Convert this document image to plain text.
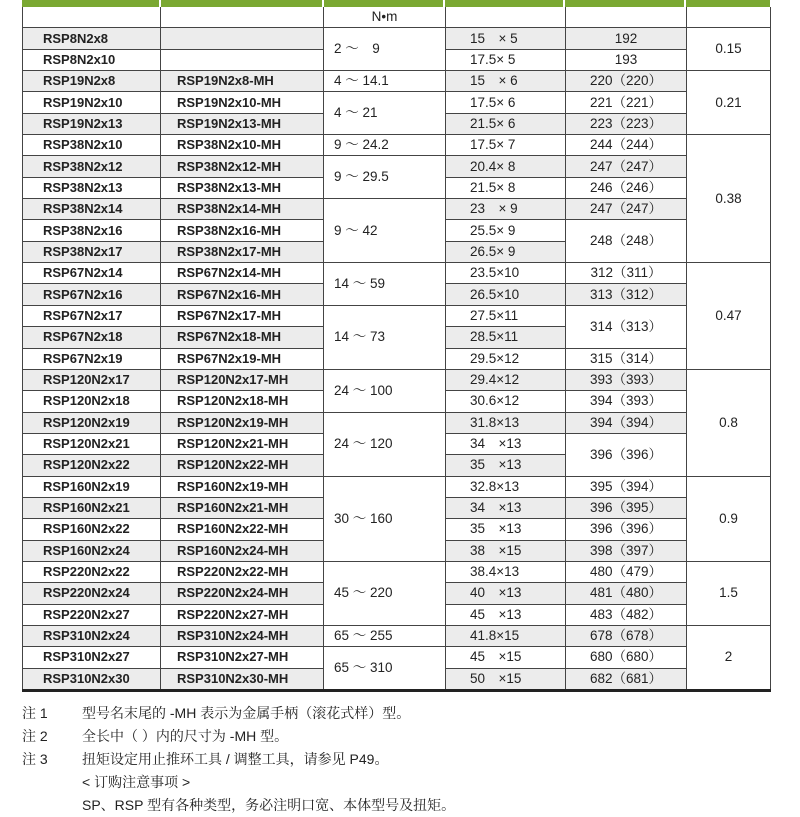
		N•m			
RSP8N2x8		2 ～　9	15　× 5	192	0.15
RSP8N2x10			17.5× 5	193	
RSP19N2x8	RSP19N2x8-MH	4 ～ 14.1	15　× 6	220（220）	0.21
RSP19N2x10	RSP19N2x10-MH	4 ～ 21	17.5× 6	221（221）	
RSP19N2x13	RSP19N2x13-MH		21.5× 6	223（223）	
RSP38N2x10	RSP38N2x10-MH	9 ～ 24.2	17.5× 7	244（244）	0.38
RSP38N2x12	RSP38N2x12-MH	9 ～ 29.5	20.4× 8	247（247）	
RSP38N2x13	RSP38N2x13-MH		21.5× 8	246（246）	
RSP38N2x14	RSP38N2x14-MH	9 ～ 42	23　× 9	247（247）	
RSP38N2x16	RSP38N2x16-MH		25.5× 9	248（248）	
RSP38N2x17	RSP38N2x17-MH		26.5× 9		
RSP67N2x14	RSP67N2x14-MH	14 ～ 59	23.5×10	312（311）	0.47
RSP67N2x16	RSP67N2x16-MH		26.5×10	313（312）	
RSP67N2x17	RSP67N2x17-MH	14 ～ 73	27.5×11	314（313）	
RSP67N2x18	RSP67N2x18-MH		28.5×11		
RSP67N2x19	RSP67N2x19-MH		29.5×12	315（314）	
RSP120N2x17	RSP120N2x17-MH	24 ～ 100	29.4×12	393（393）	0.8
RSP120N2x18	RSP120N2x18-MH		30.6×12	394（393）	
RSP120N2x19	RSP120N2x19-MH	24 ～ 120	31.8×13	394（394）	
RSP120N2x21	RSP120N2x21-MH		34　×13	396（396）	
RSP120N2x22	RSP120N2x22-MH		35　×13		
RSP160N2x19	RSP160N2x19-MH	30 ～ 160	32.8×13	395（394）	0.9
RSP160N2x21	RSP160N2x21-MH		34　×13	396（395）	
RSP160N2x22	RSP160N2x22-MH		35　×13	396（396）	
RSP160N2x24	RSP160N2x24-MH		38　×15	398（397）	
RSP220N2x22	RSP220N2x22-MH	45 ～ 220	38.4×13	480（479）	1.5
RSP220N2x24	RSP220N2x24-MH		40　×13	481（480）	
RSP220N2x27	RSP220N2x27-MH		45　×13	483（482）	
RSP310N2x24	RSP310N2x24-MH	65 ～ 255	41.8×15	678（678）	2
RSP310N2x27	RSP310N2x27-MH	65 ～ 310	45　×15	680（680）	
RSP310N2x30	RSP310N2x30-MH		50　×15	682（681）	
注 1	型号名末尾的 -MH 表示为金属手柄（滚花式样）型。
注 2	全长中（ ）内的尺寸为 -MH 型。
注 3	扭矩设定用止推环工具 / 调整工具，请参见 P49。
< 订购注意事项 >
SP、RSP 型有各种类型，务必注明口宽、本体型号及扭矩。
